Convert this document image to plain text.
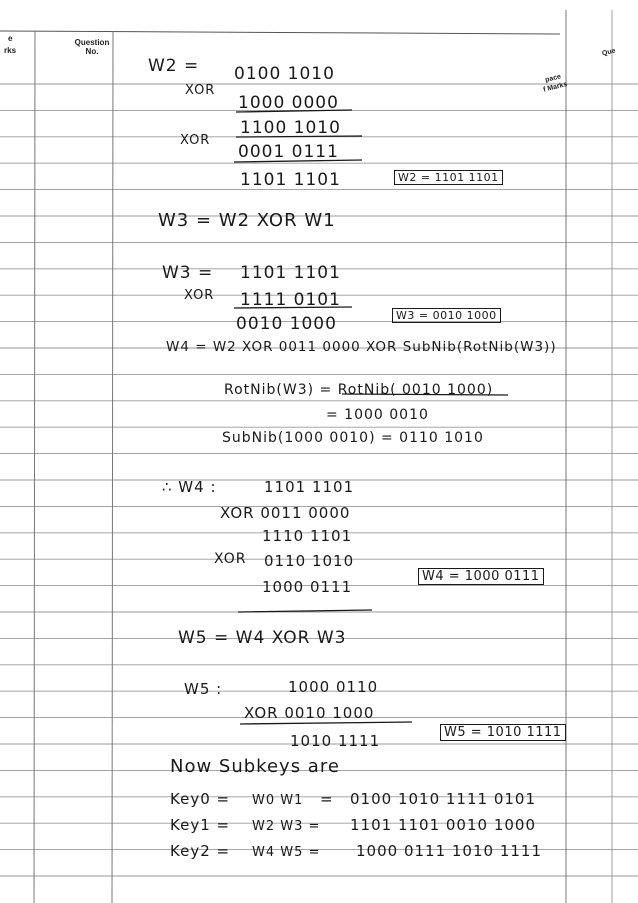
e
rks
Question
No.
pace
f Marks
Que
W2 = 0100 1010
XOR
1000 0000
1100 1010
XOR
0001 0111
1101 1101	W2 = 1101 1101
W3 = W2 XOR W1
W3 = 1101 1101
XOR 1111 0101
0010 1000	W3 = 0010 1000
W4 = W2 XOR 0011 0000 XOR SubNib(RotNib(W3))
RotNib(W3) = RotNib( 0010 1000)
= 1000 0010
SubNib(1000 0010) = 0110 1010
∴ W4 :	1101 1101
XOR 0011 0000
1110 1101
XOR 0110 1010
1000 0111
W4 = 1000 0111
W5 = W4 XOR W3
W5 :	1000 0110
XOR 0010 1000
1010 1111	W5 = 1010 1111
Now Subkeys are
Key0 = W0 W1 = 0100 1010 1111 0101
Key1 = W2 W3 = 1101 1101 0010 1000
Key2 = W4 W5 = 1000 0111 1010 1111
